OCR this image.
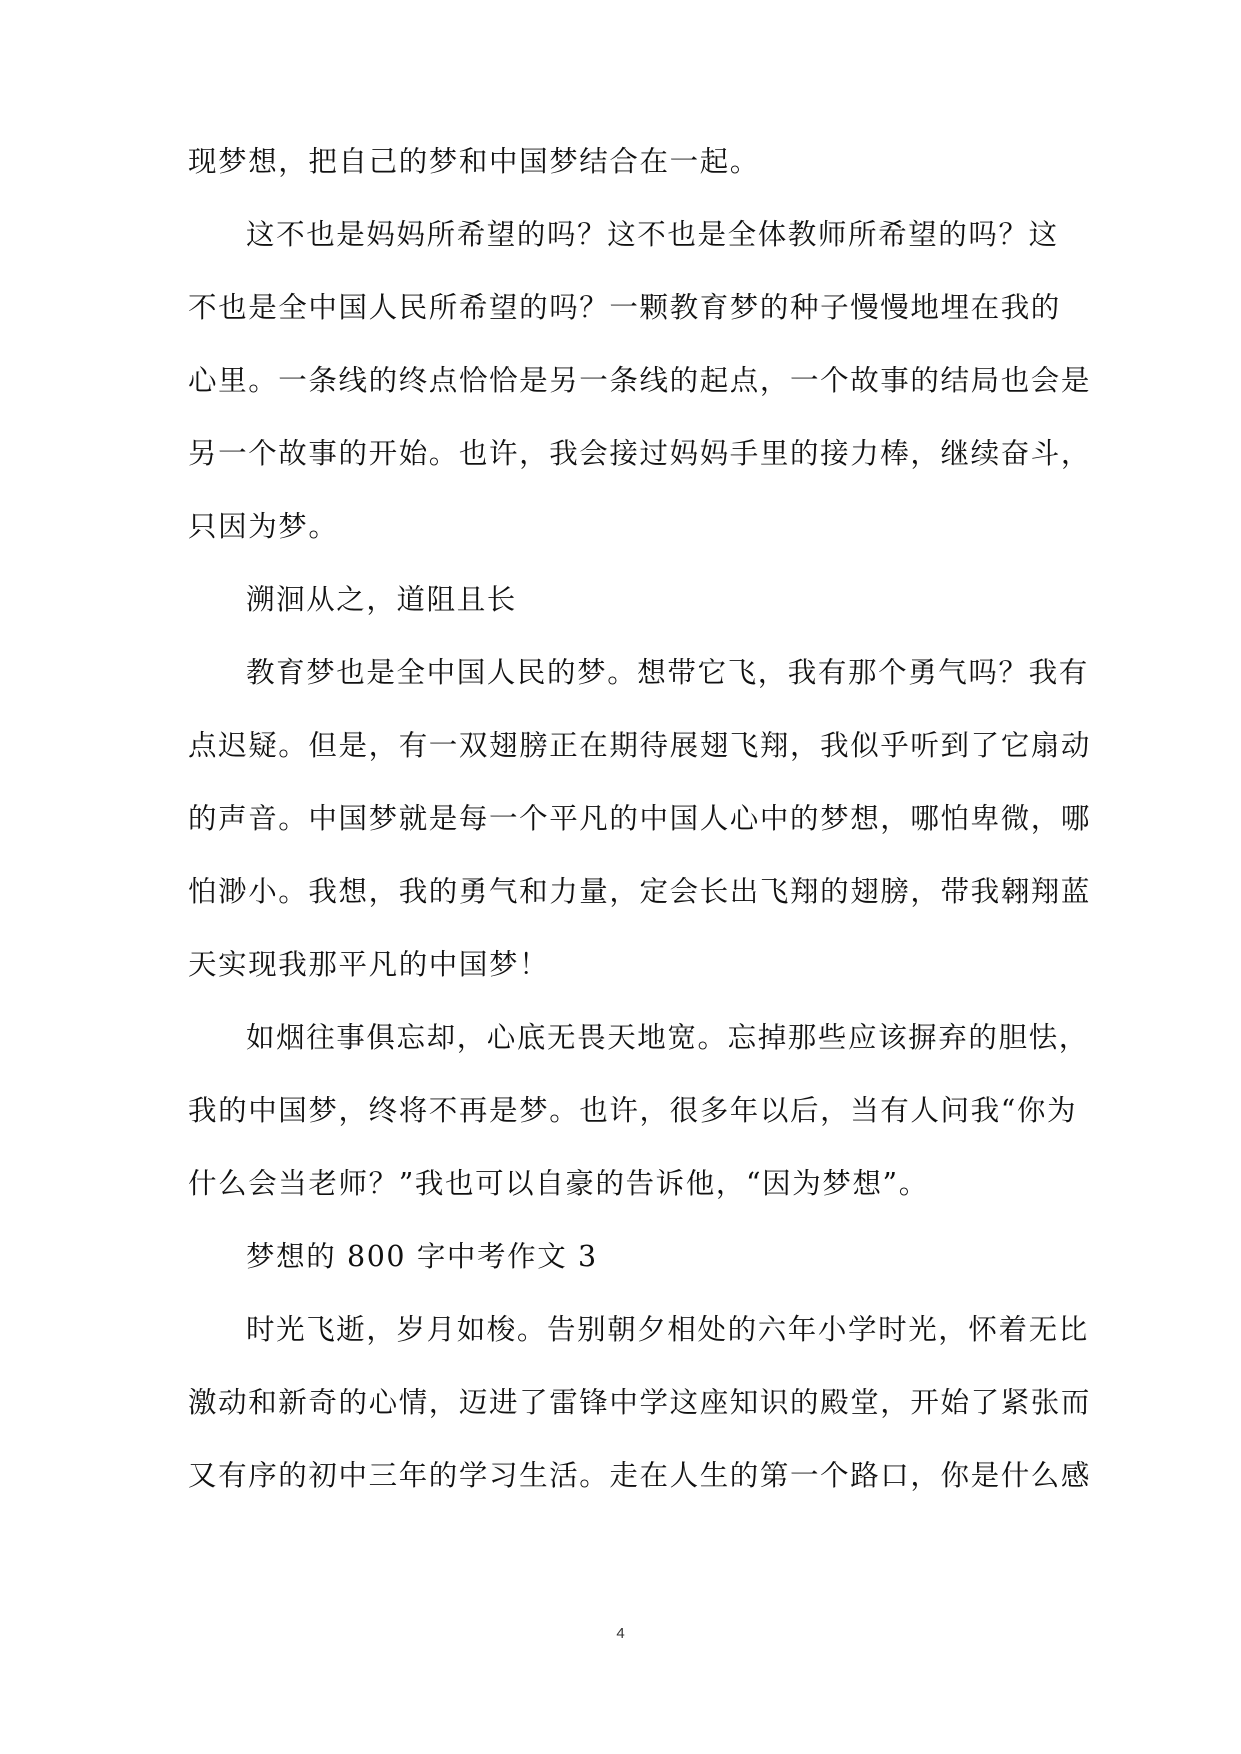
现梦想，把自己的梦和中国梦结合在一起。
这不也是妈妈所希望的吗？这不也是全体教师所希望的吗？这
不也是全中国人民所希望的吗？一颗教育梦的种子慢慢地埋在我的
心里。一条线的终点恰恰是另一条线的起点，一个故事的结局也会是
另一个故事的开始。也许，我会接过妈妈手里的接力棒，继续奋斗，
只因为梦。
溯洄从之，道阻且长
教育梦也是全中国人民的梦。想带它飞，我有那个勇气吗？我有
点迟疑。但是，有一双翅膀正在期待展翅飞翔，我似乎听到了它扇动
的声音。中国梦就是每一个平凡的中国人心中的梦想，哪怕卑微，哪
怕渺小。我想，我的勇气和力量，定会长出飞翔的翅膀，带我翱翔蓝
天实现我那平凡的中国梦！
如烟往事俱忘却，心底无畏天地宽。忘掉那些应该摒弃的胆怯，
我的中国梦，终将不再是梦。也许，很多年以后，当有人问我“你为
什么会当老师？”我也可以自豪的告诉他，“因为梦想”。
梦想的 800 字中考作文 3
时光飞逝，岁月如梭。告别朝夕相处的六年小学时光，怀着无比
激动和新奇的心情，迈进了雷锋中学这座知识的殿堂，开始了紧张而
又有序的初中三年的学习生活。走在人生的第一个路口，你是什么感
4
